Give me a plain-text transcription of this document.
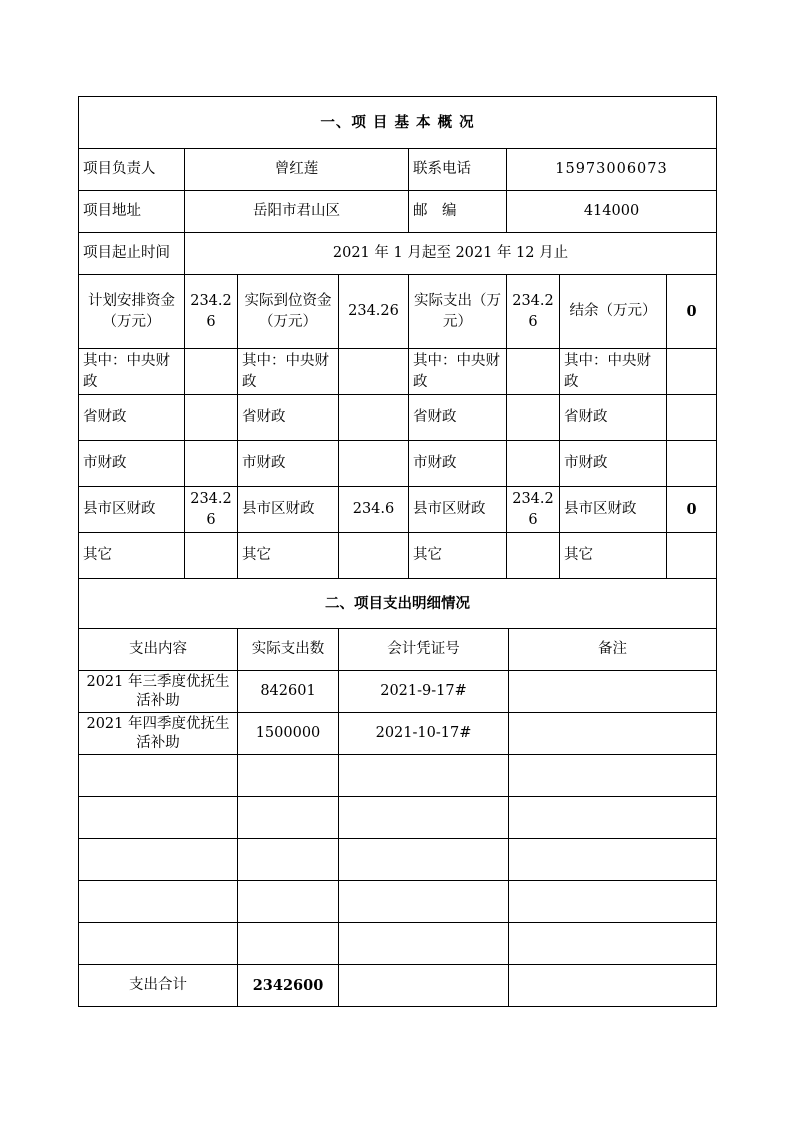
一、项 目 基 本 概 况							
项目负责人	曾红莲			联系电话	15973006073		
项目地址	岳阳市君山区			邮　编	414000		
项目起止时间	2021 年 1 月起至 2021 年 12 月止						
计划安排资金（万元）	234.26	实际到位资金（万元）	234.26	实际支出（万元）	234.26	结余（万元）	0
其中：中央财政		其中：中央财政		其中：中央财政		其中：中央财政	
省财政		省财政		省财政		省财政	
市财政		市财政		市财政		市财政	
县市区财政	234.26	县市区财政	234.6	县市区财政	234.26	县市区财政	0
其它		其它		其它		其它	
二、项目支出明细情况			
支出内容	实际支出数	会计凭证号	备注
2021 年三季度优抚生活补助	842601	2021-9-17#	
2021 年四季度优抚生活补助	1500000	2021-10-17#	

支出合计	2342600		
